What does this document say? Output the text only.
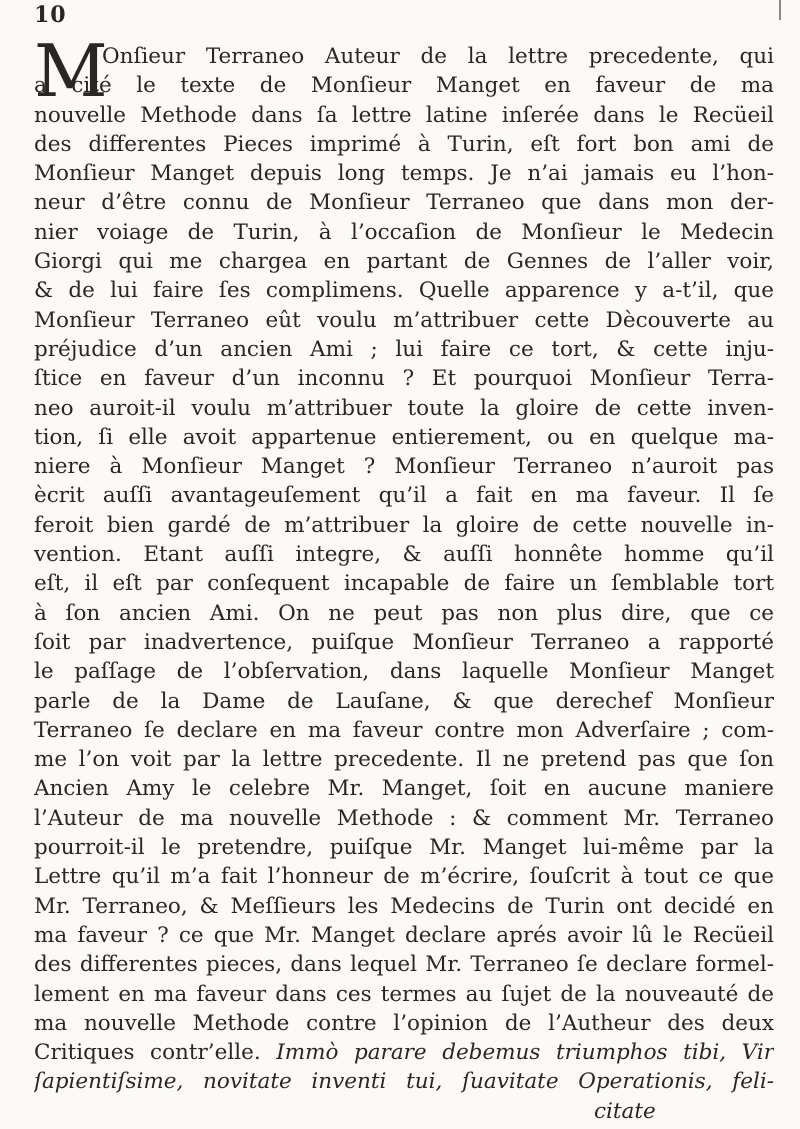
10
M
Onſieur Terraneo Auteur de la lettre precedente, qui
a cité le texte de Monſieur Manget en faveur de ma
nouvelle Methode dans ſa lettre latine inſerée dans le Recüeil
des differentes Pieces imprimé à Turin, eſt fort bon ami de
Monſieur Manget depuis long temps. Je n’ai jamais eu l’hon-
neur d’être connu de Monſieur Terraneo que dans mon der-
nier voiage de Turin, à l’occaſion de Monſieur le Medecin
Giorgi qui me chargea en partant de Gennes de l’aller voir,
& de lui faire ſes complimens. Quelle apparence y a-t’il, que
Monſieur Terraneo eût voulu m’attribuer cette Dècouverte au
préjudice d’un ancien Ami ; lui faire ce tort, & cette inju-
ſtice en faveur d’un inconnu ? Et pourquoi Monſieur Terra-
neo auroit-il voulu m’attribuer toute la gloire de cette inven-
tion, ſi elle avoit appartenue entierement, ou en quelque ma-
niere à Monſieur Manget ? Monſieur Terraneo n’auroit pas
ècrit auſſi avantageuſement qu’il a fait en ma faveur. Il ſe
feroit bien gardé de m’attribuer la gloire de cette nouvelle in-
vention. Etant auſſi integre, & auſſi honnête homme qu’il
eſt, il eſt par conſequent incapable de faire un ſemblable tort
à ſon ancien Ami. On ne peut pas non plus dire, que ce
ſoit par inadvertence, puiſque Monſieur Terraneo a rapporté
le paſſage de l’obſervation, dans laquelle Monſieur Manget
parle de la Dame de Lauſane, & que derechef Monſieur
Terraneo ſe declare en ma faveur contre mon Adverſaire ; com-
me l’on voit par la lettre precedente. Il ne pretend pas que ſon
Ancien Amy le celebre Mr. Manget, ſoit en aucune maniere
l’Auteur de ma nouvelle Methode : & comment Mr. Terraneo
pourroit-il le pretendre, puiſque Mr. Manget lui-même par la
Lettre qu’il m’a fait l’honneur de m’écrire, ſouſcrit à tout ce que
Mr. Terraneo, & Meſſieurs les Medecins de Turin ont decidé en
ma faveur ? ce que Mr. Manget declare aprés avoir lû le Recüeil
des differentes pieces, dans lequel Mr. Terraneo ſe declare formel-
lement en ma faveur dans ces termes au ſujet de la nouveauté de
ma nouvelle Methode contre l’opinion de l’Autheur des deux
Critiques contr’elle. Immò parare debemus triumphos tibi, Vir
ſapientiſsime, novitate inventi tui, ſuavitate Operationis, feli-
citate
